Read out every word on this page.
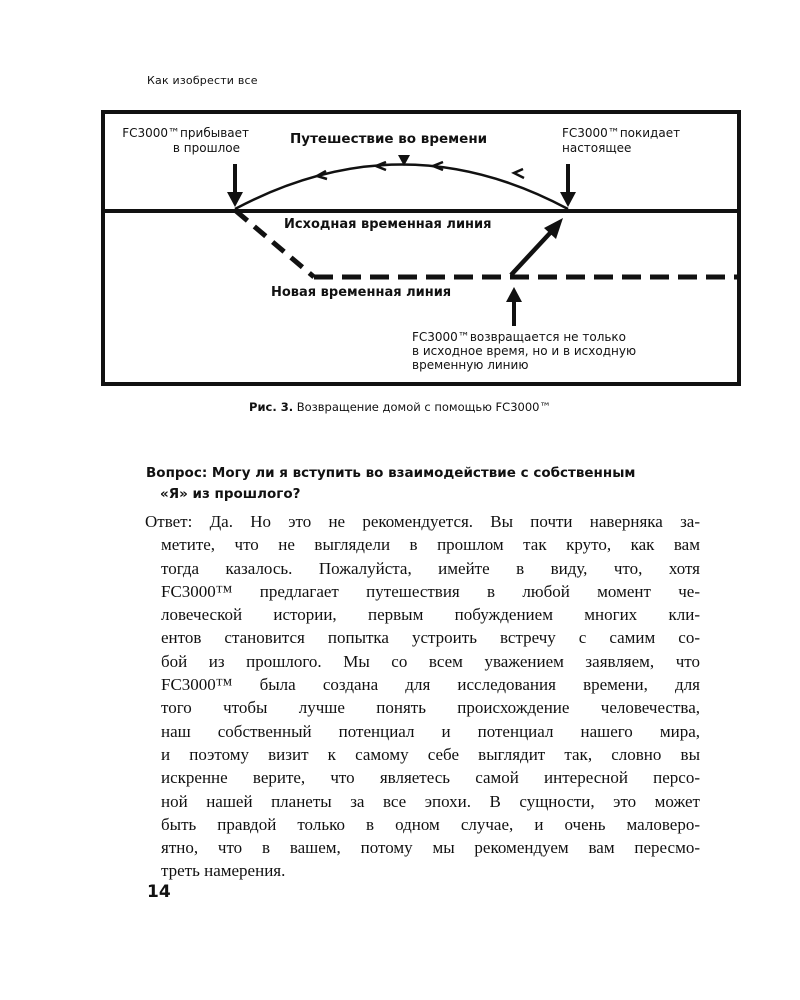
Как изобрести все
FC3000™прибывает
в прошлое
Путешествие во времени	FC3000™покидает
настоящее
Исходная временная линия
Новая временная линия
FC3000™возвращается не только
в исходное время, но и в исходную
временную линию
Рис. 3. Возвращение домой с помощью FC3000™
Вопрос: Могу ли я вступить во взаимодействие с собственным
«Я» из прошлого?
Ответ: Да. Но это не рекомендуется. Вы почти наверняка за-
метите, что не выглядели в прошлом так круто, как вам
тогда казалось. Пожалуйста, имейте в виду, что, хотя
FC3000™ предлагает путешествия в любой момент че-
ловеческой истории, первым побуждением многих кли-
ентов становится попытка устроить встречу с самим со-
бой из прошлого. Мы со всем уважением заявляем, что
FC3000™ была создана для исследования времени, для
того чтобы лучше понять происхождение человечества,
наш собственный потенциал и потенциал нашего мира,
и поэтому визит к самому себе выглядит так, словно вы
искренне верите, что являетесь самой интересной персо-
ной нашей планеты за все эпохи. В сущности, это может
быть правдой только в одном случае, и очень маловеро-
ятно, что в вашем, потому мы рекомендуем вам пересмо-
треть намерения.
14
